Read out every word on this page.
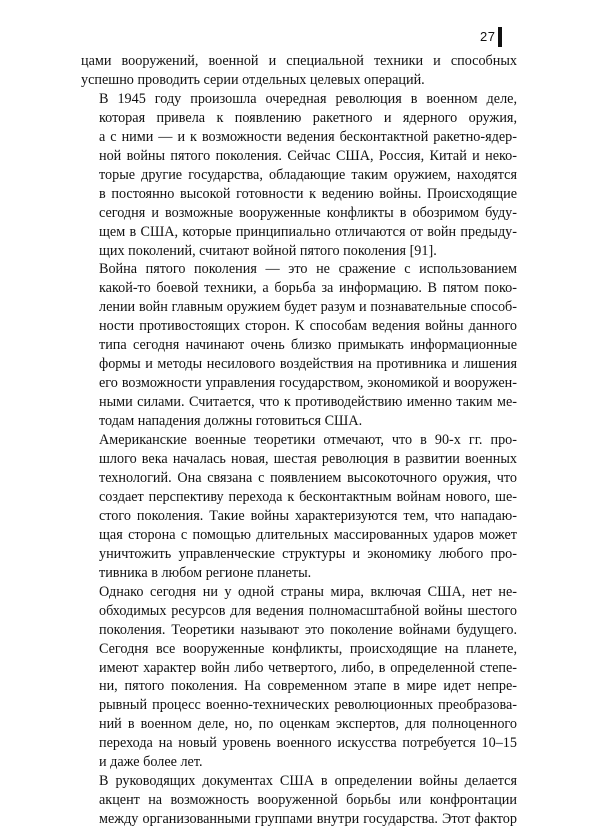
27

цами вооружений, военной и специальной техники и способных
успешно проводить серии отдельных целевых операций.

В 1945 году произошла очередная революция в военном деле,
которая привела к появлению ракетного и ядерного оружия,
а с ними — и к возможности ведения бесконтактной ракетно-ядер-
ной войны пятого поколения. Сейчас США, Россия, Китай и неко-
торые другие государства, обладающие таким оружием, находятся
в постоянно высокой готовности к ведению войны. Происходящие
сегодня и возможные вооруженные конфликты в обозримом буду-
щем в США, которые принципиально отличаются от войн предыду-
щих поколений, считают войной пятого поколения [91].

Война пятого поколения — это не сражение с использованием
какой-то боевой техники, а борьба за информацию. В пятом поко-
лении войн главным оружием будет разум и познавательные способ-
ности противостоящих сторон. К способам ведения войны данного
типа сегодня начинают очень близко примыкать информационные
формы и методы несилового воздействия на противника и лишения
его возможности управления государством, экономикой и вооружен-
ными силами. Считается, что к противодействию именно таким ме-
тодам нападения должны готовиться США.

Американские военные теоретики отмечают, что в 90-х гг. про-
шлого века началась новая, шестая революция в развитии военных
технологий. Она связана с появлением высокоточного оружия, что
создает перспективу перехода к бесконтактным войнам нового, ше-
стого поколения. Такие войны характеризуются тем, что нападаю-
щая сторона с помощью длительных массированных ударов может
уничтожить управленческие структуры и экономику любого про-
тивника в любом регионе планеты.

Однако сегодня ни у одной страны мира, включая США, нет не-
обходимых ресурсов для ведения полномасштабной войны шестого
поколения. Теоретики называют это поколение войнами будущего.
Сегодня все вооруженные конфликты, происходящие на планете,
имеют характер войн либо четвертого, либо, в определенной степе-
ни, пятого поколения. На современном этапе в мире идет непре-
рывный процесс военно-технических революционных преобразова-
ний в военном деле, но, по оценкам экспертов, для полноценного
перехода на новый уровень военного искусства потребуется 10–15
и даже более лет.

В руководящих документах США в определении войны делается
акцент на возможность вооруженной борьбы или конфронтации
между организованными группами внутри государства. Этот фактор
